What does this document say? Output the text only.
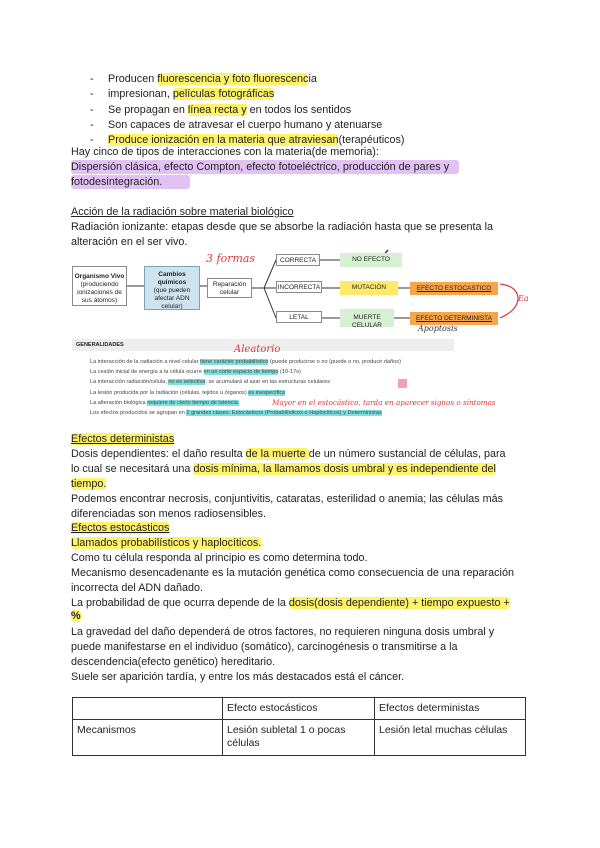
- Producen fluorescencia y foto fluorescencia
- impresionan, películas fotográficas
- Se propagan en línea recta y en todos los sentidos
- Son capaces de atravesar el cuerpo humano y atenuarse
- Produce ionización en la materia que atraviesan(terapéuticos)
Hay cinco de tipos de interacciones con la materia(de memoria):
Dispersión clásica, efecto Compton, efecto fotoeléctrico, producción de pares y
fotodesintegración.
Acción de la radiación sobre material biológico
Radiación ionizante: etapas desde que se absorbe la radiación hasta que se presenta la
alteración en el ser vivo.
Organismo Vivo
(produciendo ionizaciones de sus átomos)
Cambios químicos
(que pueden afectar ADN celular)
Reparación celular
CORRECTA
INCORRECTA
LETAL
NO EFECTO
MUTACIÓN
MUERTE CELULAR
EFECTO ESTOCASTICO
EFECTO DETERMINISTA
3 formas
Apoptosis
Ea
GENERALIDADES	Aleatorio
La interacción de la radiación a nivel celular tiene carácter probabilístico (puede producirse o no (puede o no, producir daños)
La cesión inicial de energía a la célula ocurre en un corto espacio de tiempo (10-17s)
La interacción radiación/célula, no es selectiva: se acumulará al azar en las estructuras celulares
La lesión producida por la radiación (células, tejidos u órganos) es inespecífica
La alteración biológica requiere de cierto tiempo de latencia.
Los efectos producidos se agrupan en 2 grandes clases: Estocásticos (Probabilísticos o Haplocíticos) y Deterministas
Mayor en el estocástico, tarda en aparecer signos o síntomas
Efectos deterministas
Dosis dependientes: el daño resulta de la muerte de un número sustancial de células, para
lo cual se necesitará una dosis mínima, la llamamos dosis umbral y es independiente del
tiempo.
Podemos encontrar necrosis, conjuntivitis, cataratas, esterilidad o anemia; las células más
diferenciadas son menos radiosensibles.
Efectos estocásticos
Llamados probabilísticos y haplocíticos.
Como tu célula responda al principio es como determina todo.
Mecanismo desencadenante es la mutación genética como consecuencia de una reparación
incorrecta del ADN dañado.
La probabilidad de que ocurra depende de la dosis(dosis dependiente) + tiempo expuesto +
%
La gravedad del daño dependerá de otros factores, no requieren ninguna dosis umbral y
puede manifestarse en el individuo (somático), carcinogénesis o transmitirse a la
descendencia(efecto genético) hereditario.
Suele ser aparición tardía, y entre los más destacados está el cáncer.
	Efecto estocásticos	Efectos deterministas
Mecanismos	Lesión subletal 1 o pocas células	Lesión letal muchas células
